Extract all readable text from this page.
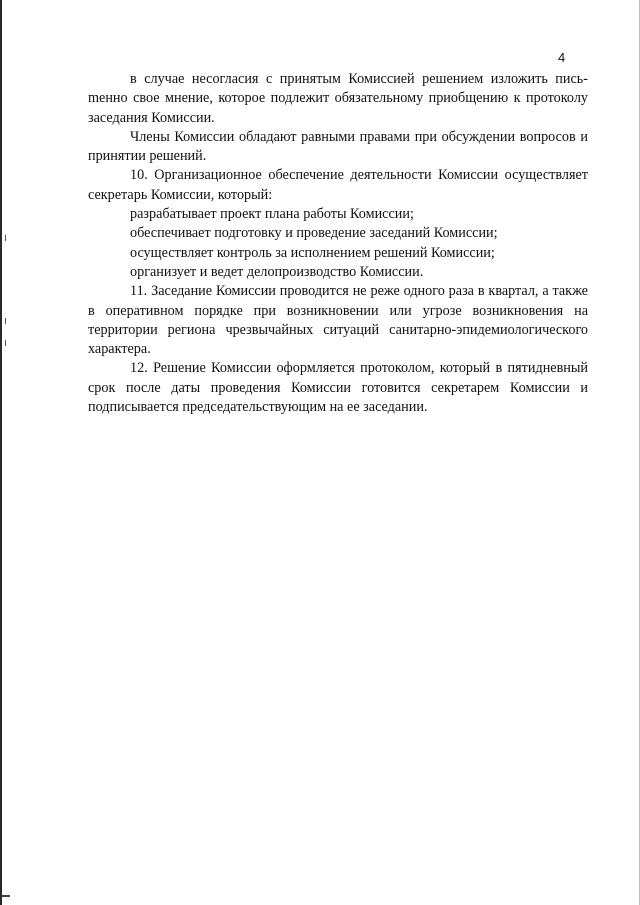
4

в случае несогласия с принятым Комиссией решением изложить письmенно свое мнение, которое подлежит обязательному приобщению к протоколу заседания Комиссии.

Члены Комиссии обладают равными правами при обсуждении вопросов и принятии решений.

10. Организационное обеспечение деятельности Комиссии осуществляет секретарь Комиссии, который:

разрабатывает проект плана работы Комиссии;

обеспечивает подготовку и проведение заседаний Комиссии;

осуществляет контроль за исполнением решений Комиссии;

организует и ведет делопроизводство Комиссии.

11. Заседание Комиссии проводится не реже одного раза в квартал, а также в оперативном порядке при возникновении или угрозе возникновения на территории региона чрезвычайных ситуаций санитарно-эпидемиологического характера.

12. Решение Комиссии оформляется протоколом, который в пятидневный срок после даты проведения Комиссии готовится секретарем Комиссии и подписывается председательствующим на ее заседании.
